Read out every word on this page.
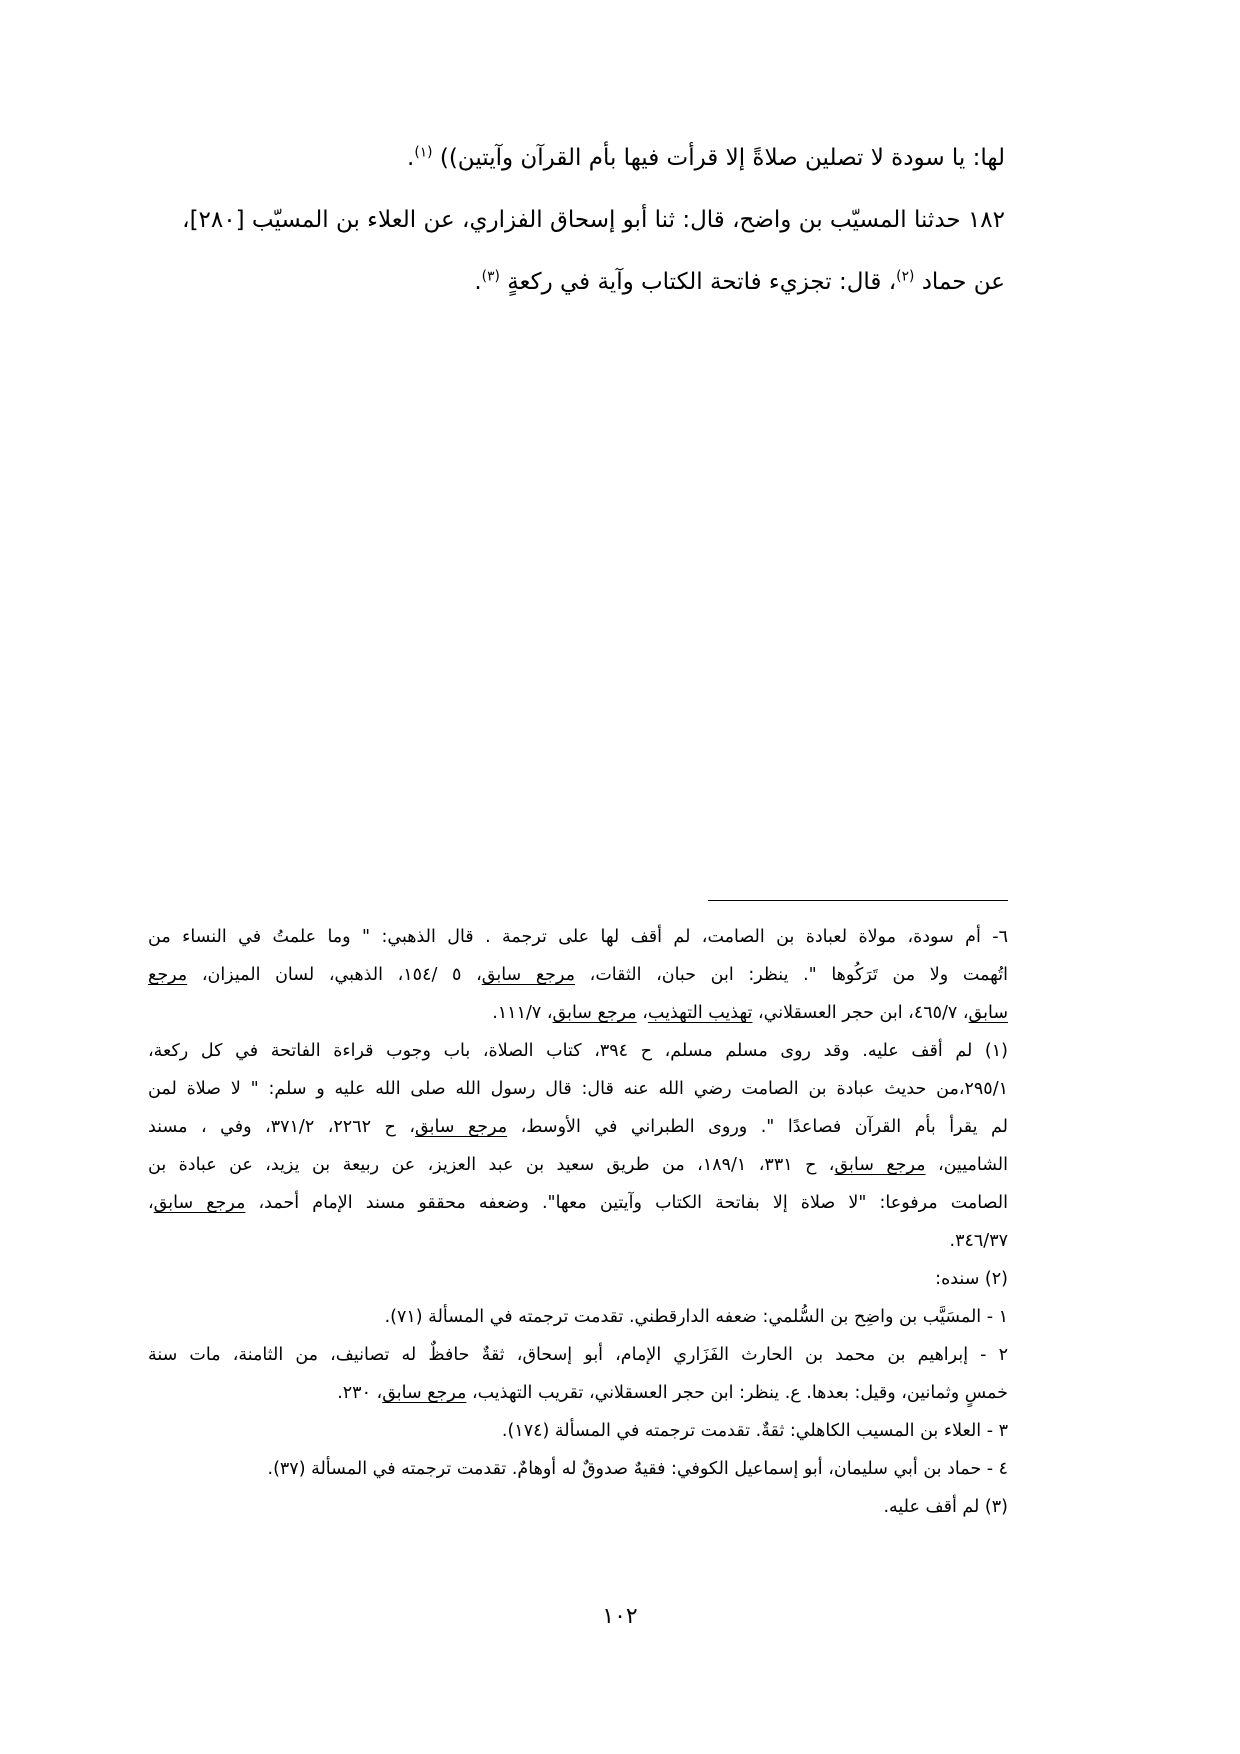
لها: يا سودة لا تصلين صلاةً إلا قرأت فيها بأم القرآن وآيتين)) $^{(١)}$.

١٨٢ حدثنا المسيّب بن واضح، قال: ثنا أبو إسحاق الفزاري، عن العلاء بن المسيّب [٢٨٠]،

عن حماد $^{(٢)}$، قال: تجزيء فاتحة الكتاب وآية في ركعةٍ $^{(٣)}$.

٦- أم سودة، مولاة لعبادة بن الصامت، لم أقف لها على ترجمة . قال الذهبي: " وما علمتُ في النساء من

اتُهمت ولا من تَرَكُوها ". ينظر: ابن حبان، الثقات، مرجع سابق، ٥ /١٥٤، الذهبي، لسان الميزان، مرجع

سابق، ٤٦٥/٧، ابن حجر العسقلاني، تهذيب التهذيب، مرجع سابق، ١١١/٧.

(١) لم أقف عليه. وقد روى مسلم مسلم، ح ٣٩٤، كتاب الصلاة، باب وجوب قراءة الفاتحة في كل ركعة،

٢٩٥/١،من حديث عبادة بن الصامت رضي الله عنه قال: قال رسول الله صلى الله عليه و سلم: " لا صلاة لمن

لم يقرأ بأم القرآن فصاعدًا ". وروى الطبراني في الأوسط، مرجع سابق، ح ٢٢٦٢، ٣٧١/٢، وفي ، مسند

الشاميين، مرجع سابق، ح ٣٣١، ١٨٩/١، من طريق سعيد بن عبد العزيز، عن ربيعة بن يزيد، عن عبادة بن

الصامت مرفوعا: "لا صلاة إلا بفاتحة الكتاب وآيتين معها". وضعفه محققو مسند الإمام أحمد، مرجع سابق،

٣٤٦/٣٧.

(٢) سنده:

١ - المسَيَّب بن واضِح بن السُّلمي: ضعفه الدارقطني. تقدمت ترجمته في المسألة (٧١).

٢ - إبراهيم بن محمد بن الحارث الفَزَاري الإمام، أبو إسحاق، ثقةٌ حافظٌ له تصانيف، من الثامنة، مات سنة

خمسٍ وثمانين، وقيل: بعدها. ع. ينظر: ابن حجر العسقلاني، تقريب التهذيب، مرجع سابق، ٢٣٠.

٣ - العلاء بن المسيب الكاهلي: ثقةٌ. تقدمت ترجمته في المسألة (١٧٤).

٤ - حماد بن أبي سليمان، أبو إسماعيل الكوفي: فقيهٌ صدوقٌ له أوهامٌ. تقدمت ترجمته في المسألة (٣٧).

(٣) لم أقف عليه.

١٠٢
